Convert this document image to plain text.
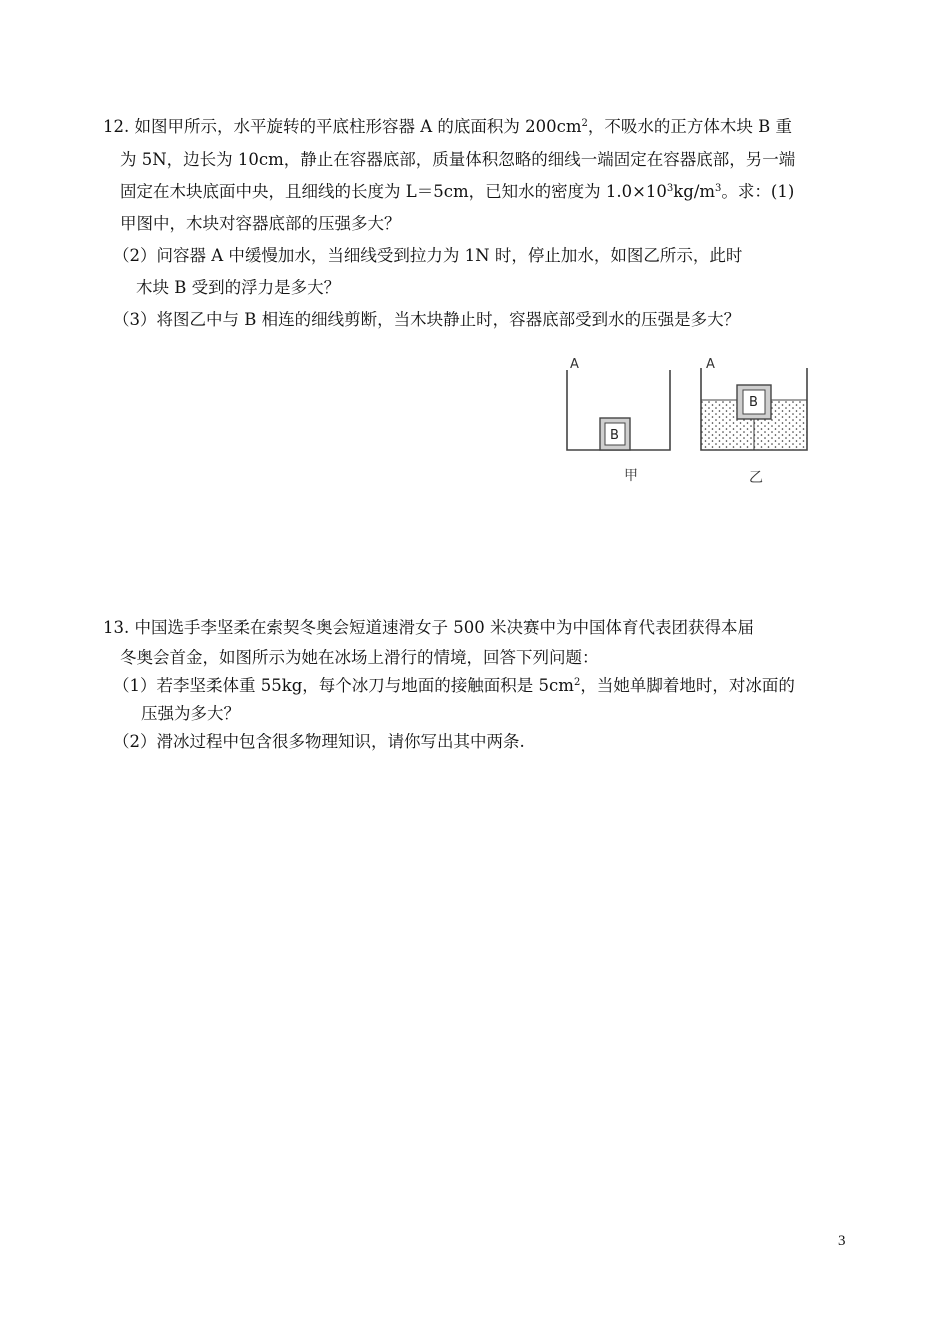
12. 如图甲所示，水平旋转的平底柱形容器 A 的底面积为 $200cm^2$，不吸水的正方体木块 B 重
为 5N，边长为 10cm，静止在容器底部，质量体积忽略的细线一端固定在容器底部，另一端
固定在木块底面中央，且细线的长度为 L＝5cm，已知水的密度为 $1.0\times 10^3kg/m^3$。求：(1)
甲图中，木块对容器底部的压强多大？
（2）问容器 A 中缓慢加水，当细线受到拉力为 1N 时，停止加水，如图乙所示，此时
木块 B 受到的浮力是多大？
（3）将图乙中与 B 相连的细线剪断，当木块静止时，容器底部受到水的压强是多大？
A
B
甲
A
B
乙
13. 中国选手李坚柔在索契冬奥会短道速滑女子 500 米决赛中为中国体育代表团获得本届
冬奥会首金，如图所示为她在冰场上滑行的情境，回答下列问题：
（1）若李坚柔体重 55kg，每个冰刀与地面的接触面积是 $5cm^2$，当她单脚着地时，对冰面的
压强为多大？
（2）滑冰过程中包含很多物理知识，请你写出其中两条.
3
